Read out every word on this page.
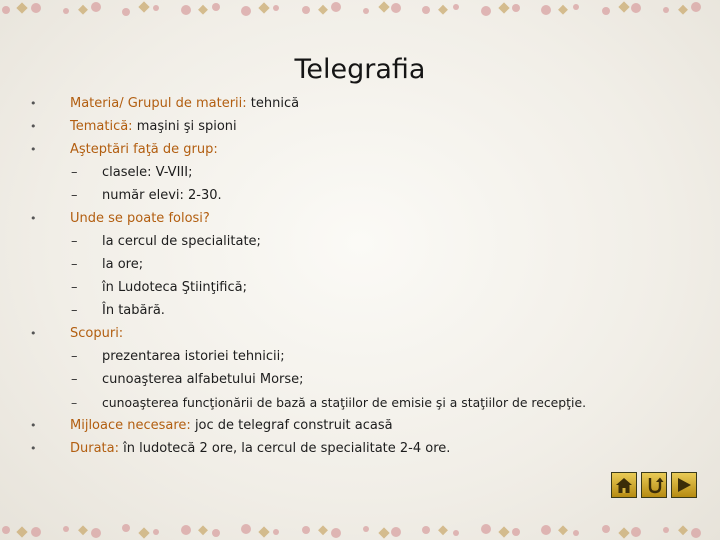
Telegrafia
•	Materia/ Grupul de materii: tehnică
•	Tematică: maşini şi spioni
•	Aşteptări faţă de grup:
– clasele: V-VIII;
– număr elevi: 2-30.
•	Unde se poate folosi?
– la cercul de specialitate;
– la ore;
– în Ludoteca Ştiinţifică;
– În tabără.
•	Scopuri:
– prezentarea istoriei tehnicii;
– cunoaşterea alfabetului Morse;
– cunoaşterea funcţionării de bază a staţiilor de emisie şi a staţiilor de recepţie.
•	Mijloace necesare: joc de telegraf construit acasă
•	Durata: în ludotecă 2 ore, la cercul de specialitate 2-4 ore.
